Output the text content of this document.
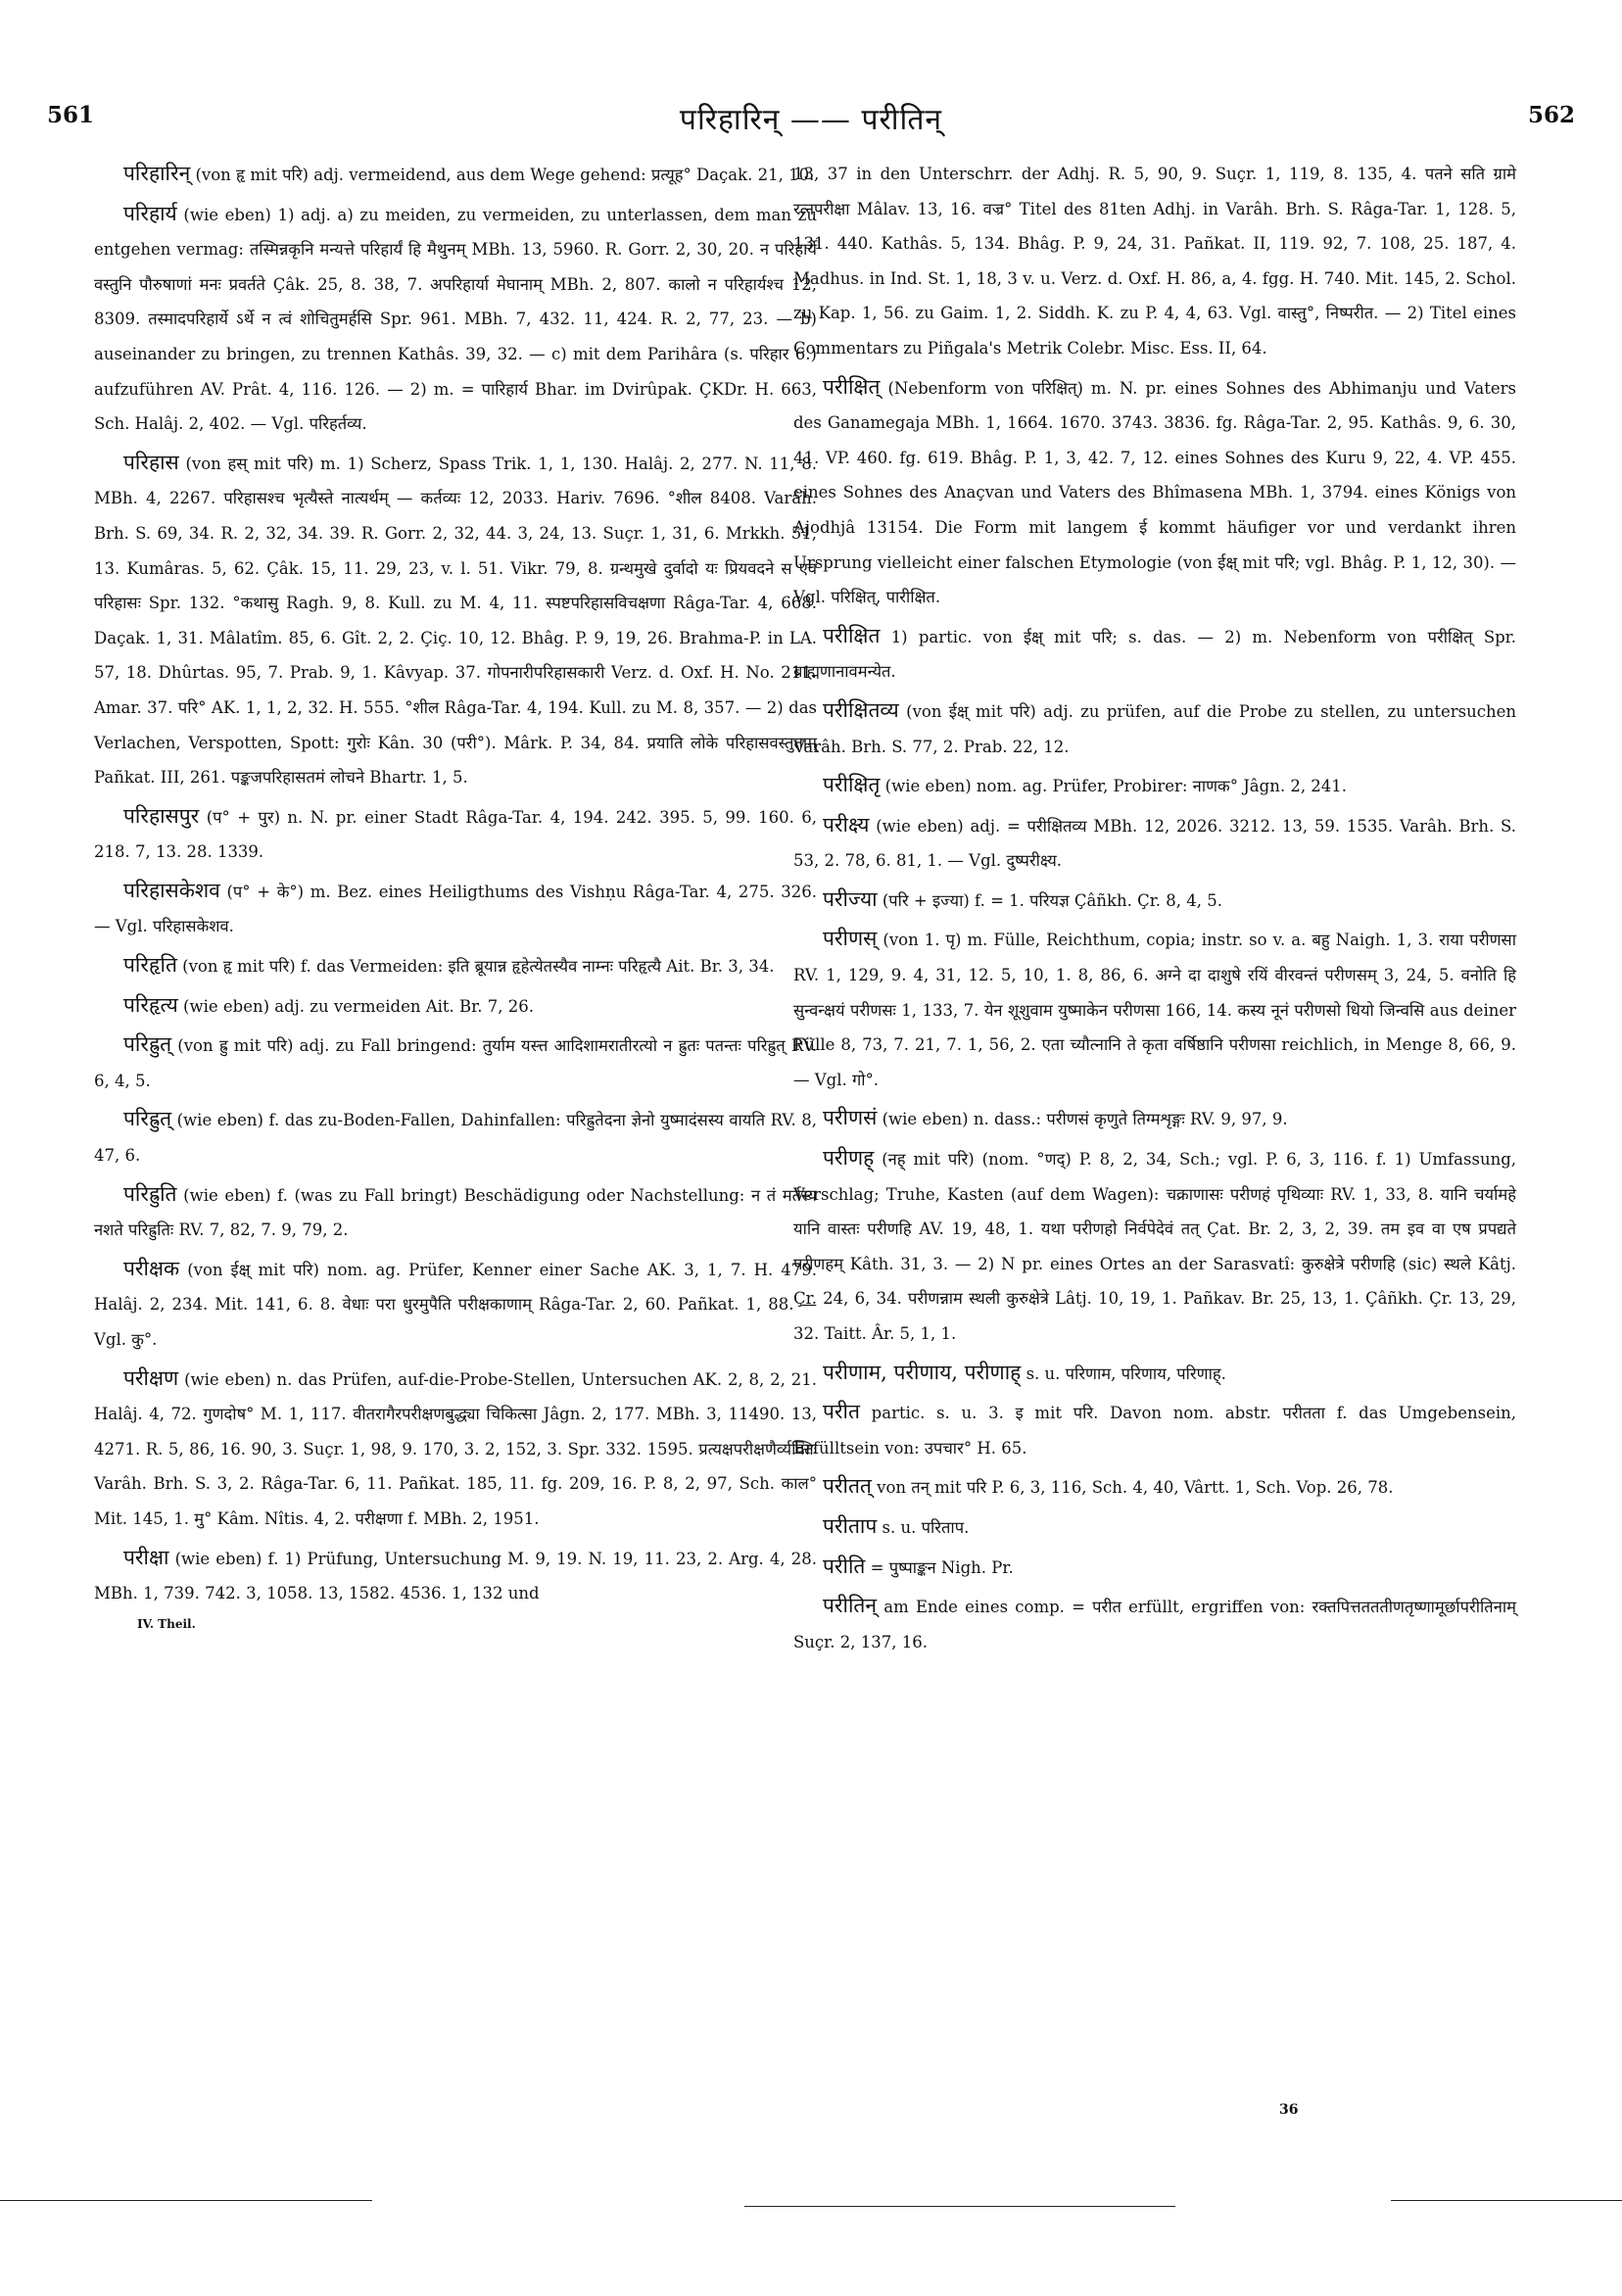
561	परिहारिन् —— परीतिन्	562

परिहारिन् (von हृ mit परि) adj. vermeidend, aus dem Wege gehend: प्रत्यूह° Daçak. 21, 10.

परिहार्य (wie eben) 1) adj. a) zu meiden, zu vermeiden, zu unterlassen, dem man zu entgehen vermag: तस्मिन्नकृनि मन्यत्ते परिहार्यं हि मैथुनम् MBh. 13, 5960. R. Gorr. 2, 30, 20. न परिहार्ये वस्तुनि पौरुषाणां मनः प्रवर्तते Çâk. 25, 8. 38, 7. अपरिहार्या मेघानाम् MBh. 2, 807. कालो न परिहार्यश्च 12, 8309. तस्मादपरिहार्ये ऽर्थे न त्वं शोचितुमर्हसि Spr. 961. MBh. 7, 432. 11, 424. R. 2, 77, 23. — b) auseinander zu bringen, zu trennen Kathâs. 39, 32. — c) mit dem Parihâra (s. परिहार 6.) aufzuführen AV. Prât. 4, 116. 126. — 2) m. = पारिहार्य Bhar. im Dvirûpak. ÇKDr. H. 663, Sch. Halâj. 2, 402. — Vgl. परिहर्तव्य.

परिहास (von हस् mit परि) m. 1) Scherz, Spass Trik. 1, 1, 130. Halâj. 2, 277. N. 11, 8. MBh. 4, 2267. परिहासश्च भृत्यैस्ते नात्यर्थम् — कर्तव्यः 12, 2033. Hariv. 7696. °शील 8408. Varâh. Brh. S. 69, 34. R. 2, 32, 34. 39. R. Gorr. 2, 32, 44. 3, 24, 13. Suçr. 1, 31, 6. Mrkkh. 51, 13. Kumâras. 5, 62. Çâk. 15, 11. 29, 23, v. l. 51. Vikr. 79, 8. ग्रन्थमुखे दुर्वादो यः प्रियवदने स एव परिहासः Spr. 132. °कथासु Ragh. 9, 8. Kull. zu M. 4, 11. स्पष्टपरिहासविचक्षणा Râga-Tar. 4, 668. Daçak. 1, 31. Mâlatîm. 85, 6. Gît. 2, 2. Çiç. 10, 12. Bhâg. P. 9, 19, 26. Brahma-P. in LA. 57, 18. Dhûrtas. 95, 7. Prab. 9, 1. Kâvyap. 37. गोपनारीपरिहासकारी Verz. d. Oxf. H. No. 211. Amar. 37. परि° AK. 1, 1, 2, 32. H. 555. °शील Râga-Tar. 4, 194. Kull. zu M. 8, 357. — 2) das Verlachen, Verspotten, Spott: गुरोः Kân. 30 (परी°). Mârk. P. 34, 84. प्रयाति लोके परिहासवस्तुताम् Pañkat. III, 261. पङ्कजपरिहासतमं लोचने Bhartr. 1, 5.

परिहासपुर (प° + पुर) n. N. pr. einer Stadt Râga-Tar. 4, 194. 242. 395. 5, 99. 160. 6, 218. 7, 13. 28. 1339.

परिहासकेशव (प° + के°) m. Bez. eines Heiligthums des Vishṇu Râga-Tar. 4, 275. 326. — Vgl. परिहासकेशव.

परिहृति (von हृ mit परि) f. das Vermeiden: इति ब्रूयान्न हृहेत्येतस्यैव नाम्नः परिहृत्यै Ait. Br. 3, 34.

परिहृत्य (wie eben) adj. zu vermeiden Ait. Br. 7, 26.

परिह्रुत् (von ह्रु mit परि) adj. zu Fall bringend: तुर्याम यस्त्त आदिशामरातीरत्यो न ह्रुतः पतन्तः परिह्रुत् RV. 6, 4, 5.

परिह्रुत् (wie eben) f. das zu-Boden-Fallen, Dahinfallen: परिह्रुतेदना ज्ञेनो युष्मादंसस्य वायति RV. 8, 47, 6.

परिह्रुति (wie eben) f. (was zu Fall bringt) Beschädigung oder Nachstellung: न तं मर्तस्य नशते परिह्रुतिः RV. 7, 82, 7. 9, 79, 2.

परीक्षक (von ईक्ष् mit परि) nom. ag. Prüfer, Kenner einer Sache AK. 3, 1, 7. H. 479. Halâj. 2, 234. Mit. 141, 6. 8. वेधाः परा धुरमुपैति परीक्षकाणाम् Râga-Tar. 2, 60. Pañkat. 1, 88. — Vgl. कु°.

परीक्षण (wie eben) n. das Prüfen, auf-die-Probe-Stellen, Untersuchen AK. 2, 8, 2, 21. Halâj. 4, 72. गुणदोष° M. 1, 117. वीतरागैरपरीक्षणबुद्ध्या चिकित्सा Jâgn. 2, 177. MBh. 3, 11490. 13, 4271. R. 5, 86, 16. 90, 3. Suçr. 1, 98, 9. 170, 3. 2, 152, 3. Spr. 332. 1595. प्रत्यक्षपरीक्षणैर्व्यक्तिः Varâh. Brh. S. 3, 2. Râga-Tar. 6, 11. Pañkat. 185, 11. fg. 209, 16. P. 8, 2, 97, Sch. काल° Mit. 145, 1. मु° Kâm. Nîtis. 4, 2. परीक्षणा f. MBh. 2, 1951.

परीक्षा (wie eben) f. 1) Prüfung, Untersuchung M. 9, 19. N. 19, 11. 23, 2. Arg. 4, 28. MBh. 1, 739. 742. 3, 1058. 13, 1582. 4536. 1, 132 und

IV. Theil.

13, 37 in den Unterschrr. der Adhj. R. 5, 90, 9. Suçr. 1, 119, 8. 135, 4. पतने सति ग्रामे रत्नपरीक्षा Mâlav. 13, 16. वज्र° Titel des 81ten Adhj. in Varâh. Brh. S. Râga-Tar. 1, 128. 5, 131. 440. Kathâs. 5, 134. Bhâg. P. 9, 24, 31. Pañkat. II, 119. 92, 7. 108, 25. 187, 4. Madhus. in Ind. St. 1, 18, 3 v. u. Verz. d. Oxf. H. 86, a, 4. fgg. H. 740. Mit. 145, 2. Schol. zu Kap. 1, 56. zu Gaim. 1, 2. Siddh. K. zu P. 4, 4, 63. Vgl. वास्तु°, निष्परीत. — 2) Titel eines Commentars zu Piñgala's Metrik Colebr. Misc. Ess. II, 64.

परीक्षित् (Nebenform von परिक्षित्) m. N. pr. eines Sohnes des Abhimanju und Vaters des Ganamegaja MBh. 1, 1664. 1670. 3743. 3836. fg. Râga-Tar. 2, 95. Kathâs. 9, 6. 30, 41. VP. 460. fg. 619. Bhâg. P. 1, 3, 42. 7, 12. eines Sohnes des Kuru 9, 22, 4. VP. 455. eines Sohnes des Anaçvan und Vaters des Bhîmasena MBh. 1, 3794. eines Königs von Ajodhjâ 13154. Die Form mit langem ई kommt häufiger vor und verdankt ihren Ursprung vielleicht einer falschen Etymologie (von ईक्ष् mit परि; vgl. Bhâg. P. 1, 12, 30). — Vgl. परिक्षित्, पारीक्षित.

परीक्षित 1) partic. von ईक्ष् mit परि; s. das. — 2) m. Nebenform von परीक्षित् Spr. ब्राह्मणानावमन्येत.

परीक्षितव्य (von ईक्ष् mit परि) adj. zu prüfen, auf die Probe zu stellen, zu untersuchen Varâh. Brh. S. 77, 2. Prab. 22, 12.

परीक्षितृ (wie eben) nom. ag. Prüfer, Probirer: नाणक° Jâgn. 2, 241.

परीक्ष्य (wie eben) adj. = परीक्षितव्य MBh. 12, 2026. 3212. 13, 59. 1535. Varâh. Brh. S. 53, 2. 78, 6. 81, 1. — Vgl. दुष्परीक्ष्य.

परीज्या (परि + इज्या) f. = 1. परियज्ञ Çâñkh. Çr. 8, 4, 5.

परीणस् (von 1. पृ) m. Fülle, Reichthum, copia; instr. so v. a. बहु Naigh. 1, 3. राया परीणसा RV. 1, 129, 9. 4, 31, 12. 5, 10, 1. 8, 86, 6. अग्ने दा दाशुषे रयिं वीरवन्तं परीणसम् 3, 24, 5. वनोति हि सुन्वन्क्षयं परीणसः 1, 133, 7. येन शूशुवाम युष्माकेन परीणसा 166, 14. कस्य नूनं परीणसो धियो जिन्वसि aus deiner Fülle 8, 73, 7. 21, 7. 1, 56, 2. एता च्यौत्नानि ते कृता वर्षिष्ठानि परीणसा reichlich, in Menge 8, 66, 9. — Vgl. गो°.

परीणसं (wie eben) n. dass.: परीणसं कृणुते तिग्मशृङ्गः RV. 9, 97, 9.

परीणह् (नह् mit परि) (nom. °णद्) P. 8, 2, 34, Sch.; vgl. P. 6, 3, 116. f. 1) Umfassung, Verschlag; Truhe, Kasten (auf dem Wagen): चक्राणासः परीणहं पृथिव्याः RV. 1, 33, 8. यानि चर्यामहे यानि वास्तः परीणहि AV. 19, 48, 1. यथा परीणहो निर्वपेदेवं तत् Çat. Br. 2, 3, 2, 39. तम इव वा एष प्रपद्यते परीणहम् Kâth. 31, 3. — 2) N pr. eines Ortes an der Sarasvatî: कुरुक्षेत्रे परीणहि (sic) स्थले Kâtj. Çr. 24, 6, 34. परीणन्नाम स्थली कुरुक्षेत्रे Lâtj. 10, 19, 1. Pañkav. Br. 25, 13, 1. Çâñkh. Çr. 13, 29, 32. Taitt. Âr. 5, 1, 1.

परीणाम, परीणाय, परीणाह् s. u. परिणाम, परिणाय, परिणाह्.

परीत partic. s. u. 3. इ mit परि. Davon nom. abstr. परीतता f. das Umgebensein, Erfülltsein von: उपचार° H. 65.

परीतत् von तन् mit परि P. 6, 3, 116, Sch. 4, 40, Vârtt. 1, Sch. Vop. 26, 78.

परीताप s. u. परिताप.

परीति = पुष्पाङ्कन Nigh. Pr.

परीतिन् am Ende eines comp. = परीत erfüllt, ergriffen von: रक्तपित्ततततीणतृष्णामूर्छापरीतिनाम् Suçr. 2, 137, 16.

36
